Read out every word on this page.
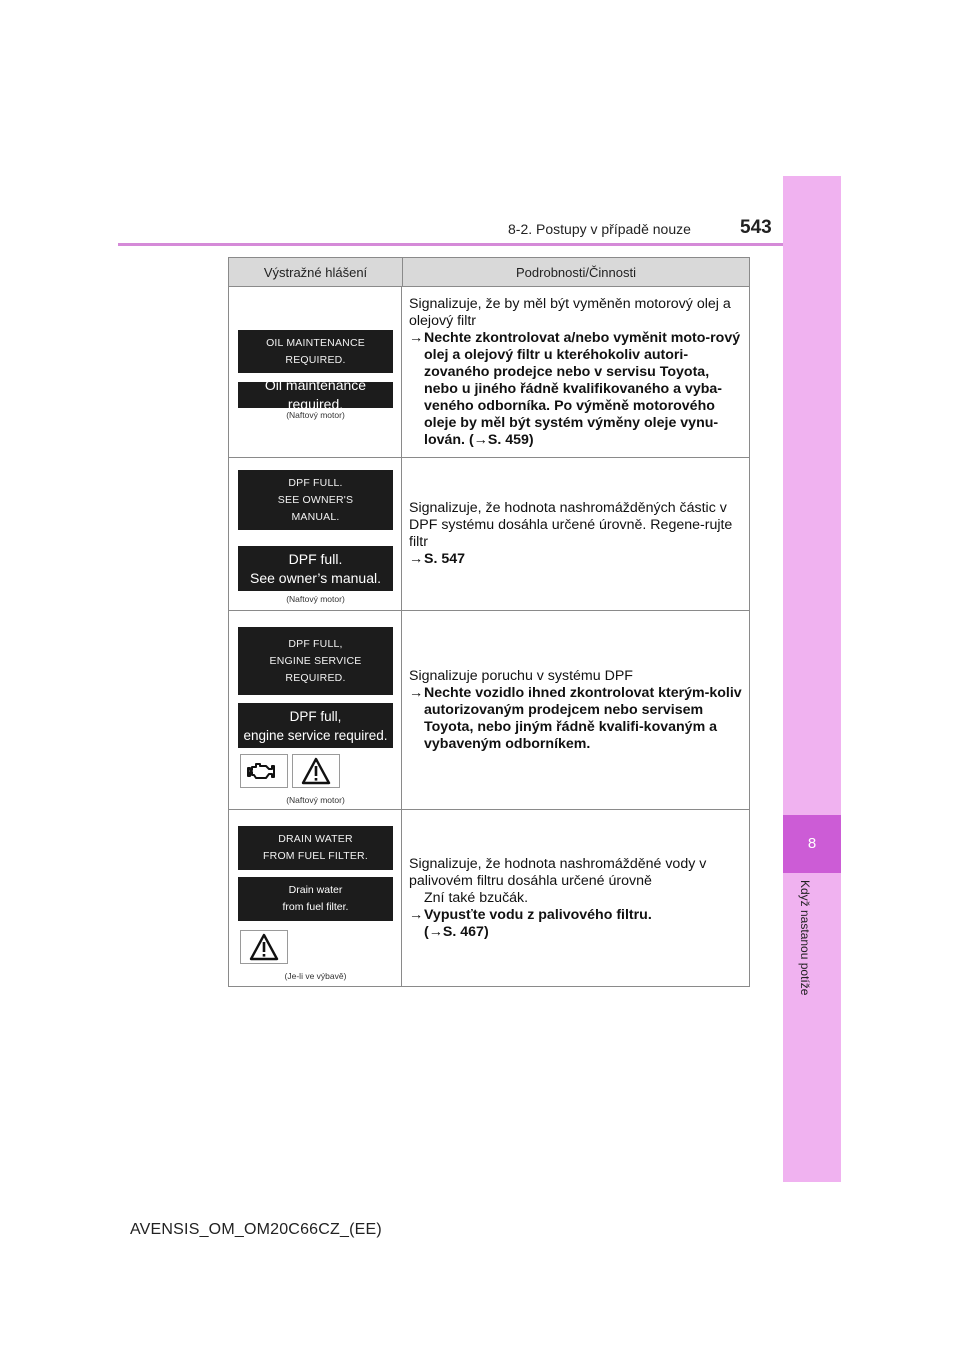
8
Když nastanou potíže
8-2. Postupy v případě nouze	543
Výstražné hlášení	Podrobnosti/Činnosti
OIL MAINTENANCE
REQUIRED.
Oil maintenance required.
(Naftový motor)

Signalizuje, že by měl být vyměněn motorový olej a olejový filtr

→ Nechte zkontrolovat a/nebo vyměnit moto-rový olej a olejový filtr u kteréhokoliv autori-zovaného prodejce nebo v servisu Toyota, nebo u jiného řádně kvalifikovaného a vyba-veného odborníka. Po výměně motorového oleje by měl být systém výměny oleje vynu-lován. (→S. 459)
DPF FULL.
SEE OWNER'S
MANUAL.
DPF full.
See owner’s manual.
(Naftový motor)

Signalizuje, že hodnota nashromážděných částic v DPF systému dosáhla určené úrovně. Regene-rujte filtr

→ S. 547
DPF FULL,
ENGINE SERVICE
REQUIRED.
DPF full,
engine service required.
(Naftový motor)

Signalizuje poruchu v systému DPF

→ Nechte vozidlo ihned zkontrolovat kterým-koliv autorizovaným prodejcem nebo servisem Toyota, nebo jiným řádně kvalifi-kovaným a vybaveným odborníkem.
DRAIN WATER
FROM FUEL FILTER.
Drain water
from fuel filter.
(Je-li ve výbavě)

Signalizuje, že hodnota nashromážděné vody v palivovém filtru dosáhla určené úrovně

Zní také bzučák.

→ Vypusťte vodu z palivového filtru.
(→S. 467)
AVENSIS_OM_OM20C66CZ_(EE)
